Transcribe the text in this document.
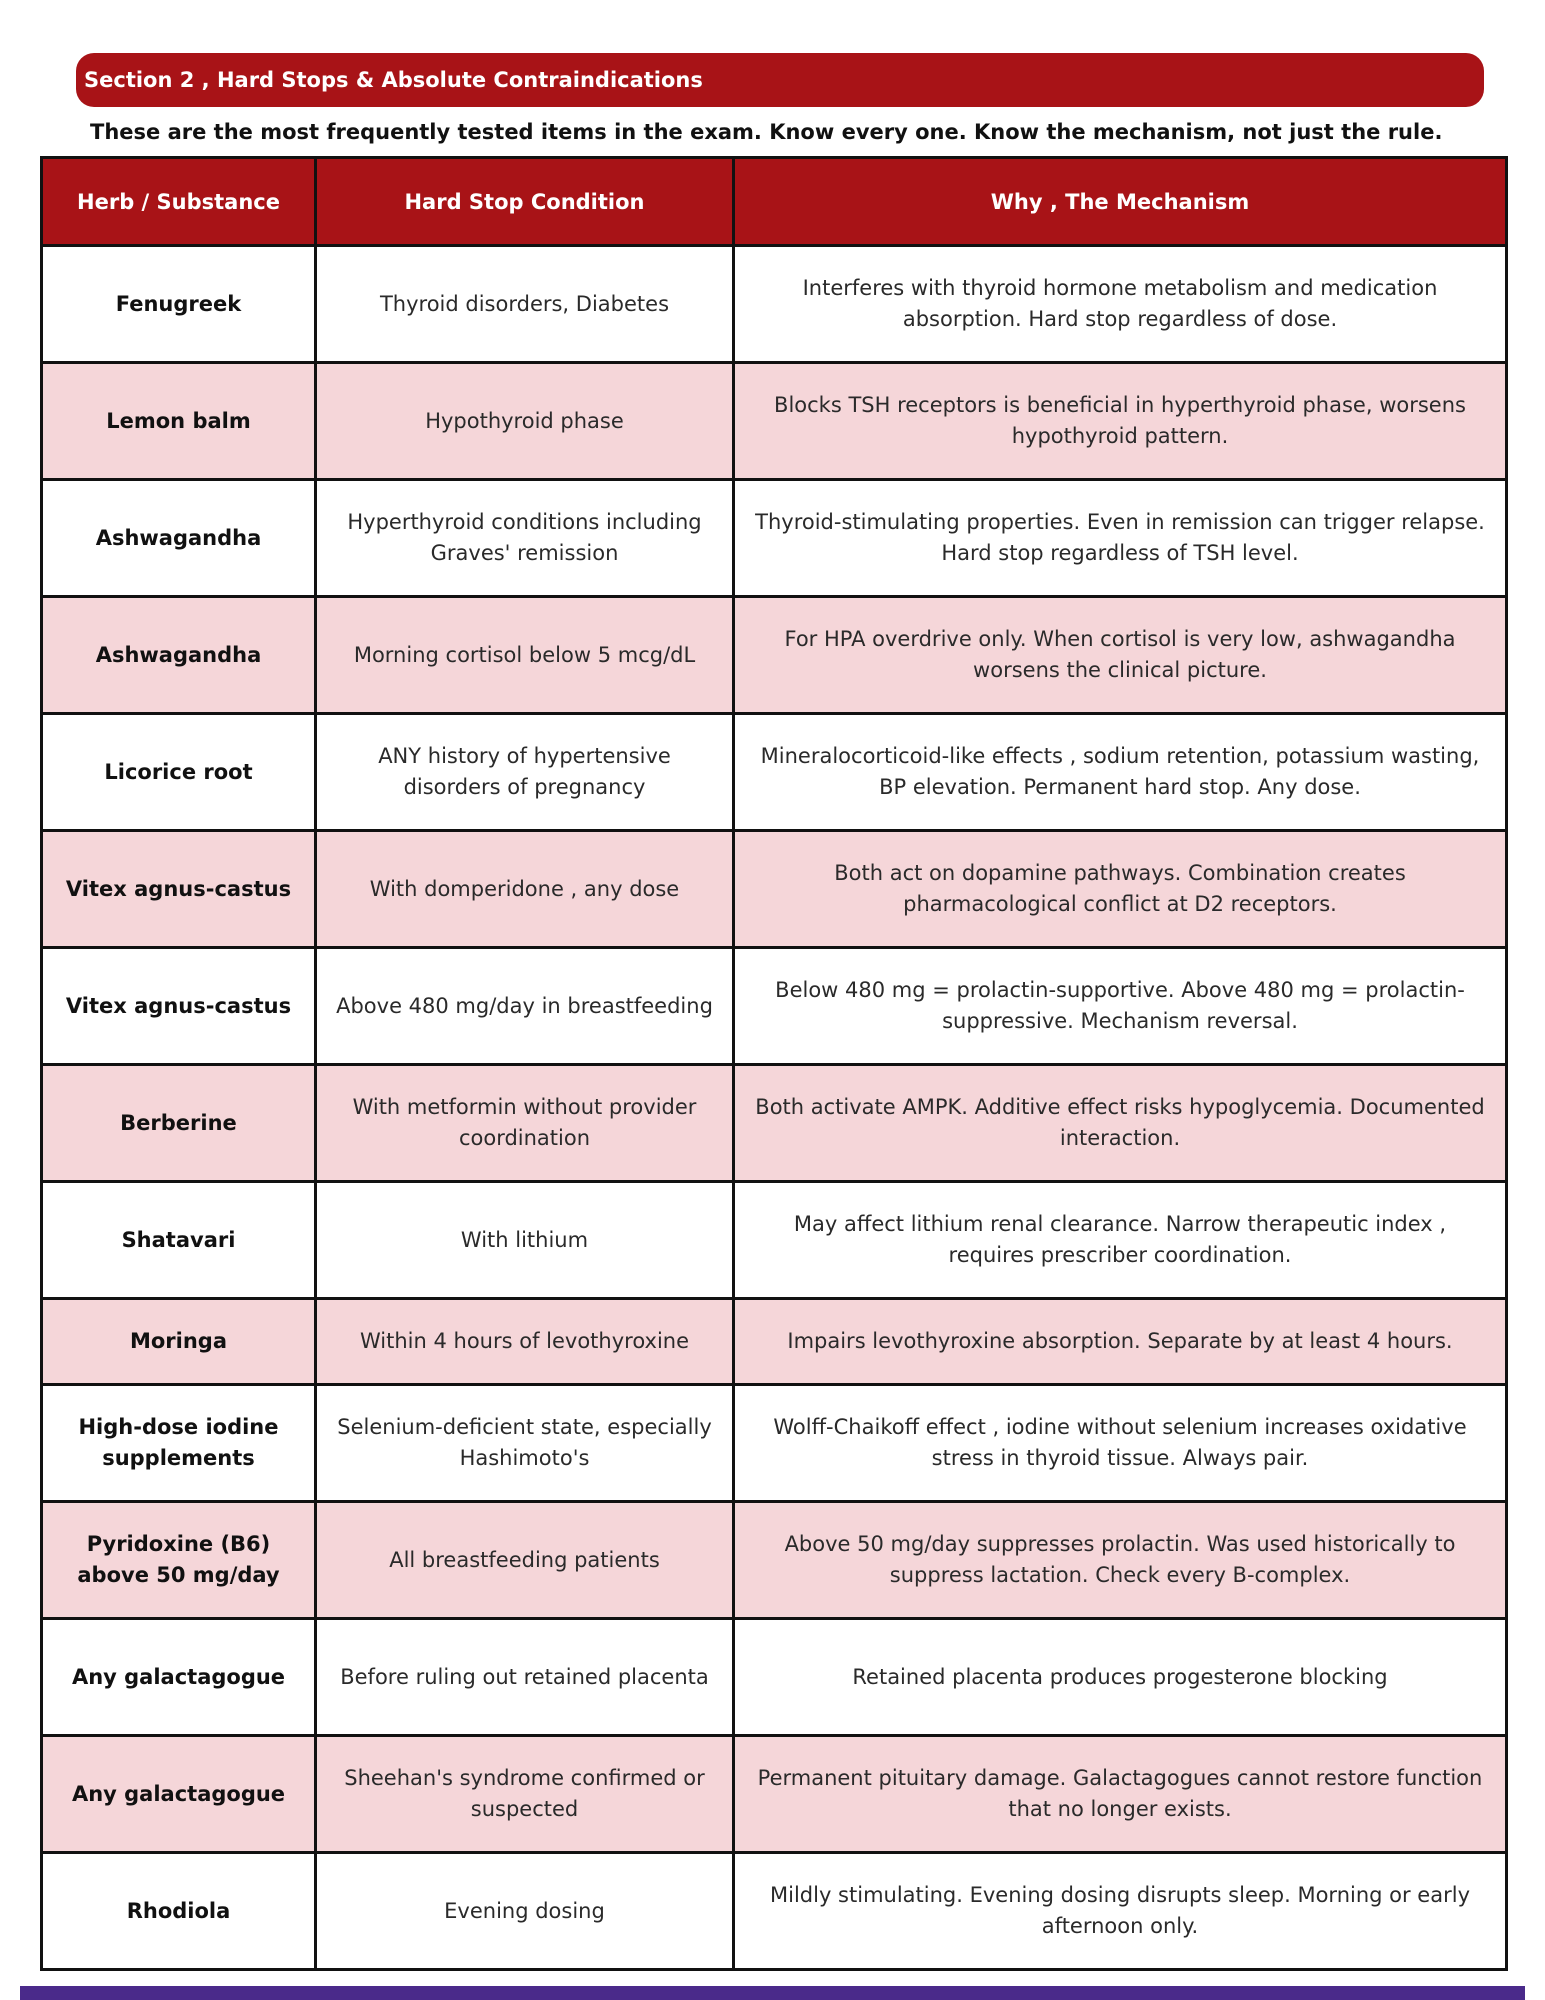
Section 2 , Hard Stops & Absolute Contraindications
These are the most frequently tested items in the exam. Know every one. Know the mechanism, not just the rule.
Herb / Substance	Hard Stop Condition	Why , The Mechanism
Fenugreek	Thyroid disorders, Diabetes	Interferes with thyroid hormone metabolism and medication absorption. Hard stop regardless of dose.
Lemon balm	Hypothyroid phase	Blocks TSH receptors is beneficial in hyperthyroid phase, worsens hypothyroid pattern.
Ashwagandha	Hyperthyroid conditions including Graves' remission	Thyroid-stimulating properties. Even in remission can trigger relapse. Hard stop regardless of TSH level.
Ashwagandha	Morning cortisol below 5 mcg/dL	For HPA overdrive only. When cortisol is very low, ashwagandha worsens the clinical picture.
Licorice root	ANY history of hypertensive disorders of pregnancy	Mineralocorticoid-like effects , sodium retention, potassium wasting, BP elevation. Permanent hard stop. Any dose.
Vitex agnus-castus	With domperidone , any dose	Both act on dopamine pathways. Combination creates pharmacological conflict at D2 receptors.
Vitex agnus-castus	Above 480 mg/day in breastfeeding	Below 480 mg = prolactin-supportive. Above 480 mg = prolactin-suppressive. Mechanism reversal.
Berberine	With metformin without provider coordination	Both activate AMPK. Additive effect risks hypoglycemia. Documented interaction.
Shatavari	With lithium	May affect lithium renal clearance. Narrow therapeutic index , requires prescriber coordination.
Moringa	Within 4 hours of levothyroxine	Impairs levothyroxine absorption. Separate by at least 4 hours.
High-dose iodine supplements	Selenium-deficient state, especially Hashimoto's	Wolff-Chaikoff effect , iodine without selenium increases oxidative stress in thyroid tissue. Always pair.
Pyridoxine (B6) above 50 mg/day	All breastfeeding patients	Above 50 mg/day suppresses prolactin. Was used historically to suppress lactation. Check every B-complex.
Any galactagogue	Before ruling out retained placenta	Retained placenta produces progesterone blocking
Any galactagogue	Sheehan's syndrome confirmed or suspected	Permanent pituitary damage. Galactagogues cannot restore function that no longer exists.
Rhodiola	Evening dosing	Mildly stimulating. Evening dosing disrupts sleep. Morning or early afternoon only.
